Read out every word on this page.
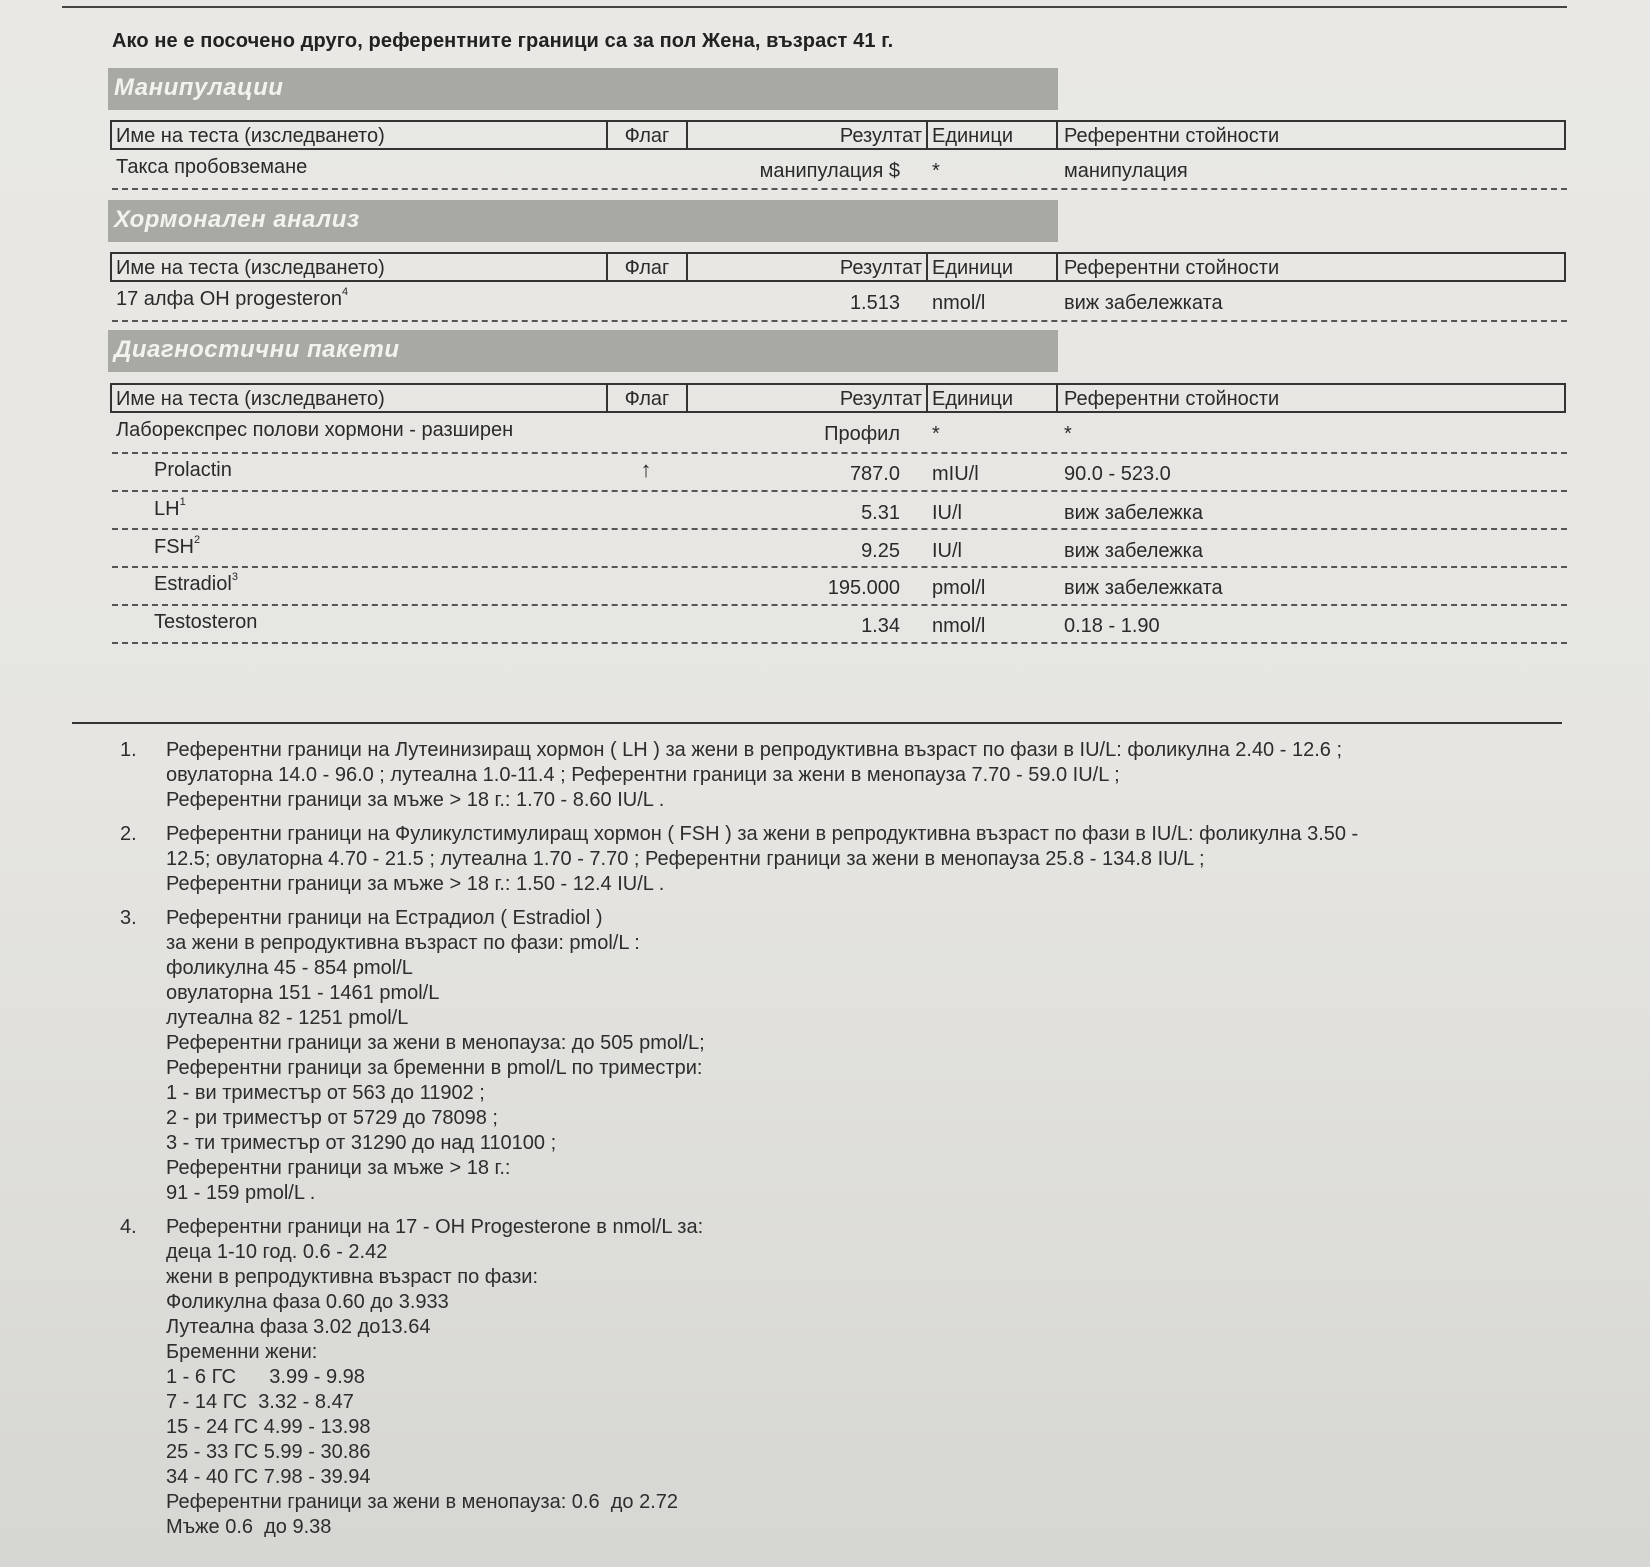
Ако не е посочено друго, референтните граници са за пол Жена, възраст 41 г.
Манипулации
Име на теста (изследването)	Флаг	Резултат Единици	Референтни стойности
Такса пробовземане	манипулация $ *	манипулация
Хормонален анализ
Име на теста (изследването)	Флаг	Резултат Единици	Референтни стойности
17 алфа OH progesteron$^4$	1.513 nmol/l	виж забележката
Диагностични пакети
Име на теста (изследването)	Флаг	Резултат Единици	Референтни стойности
Лаборекспрес полови хормони - разширен	Профил *	*
Prolactin	↑	787.0 mIU/l	90.0 - 523.0
$LH^1$	5.31 IU/l	виж забележка
FSH$^2$	9.25 IU/l	виж забележка
Estradiol$^3$	195.000 pmol/l	виж забележката
Testosteron	1.34 nmol/l	0.18 - 1.90
1. Референтни граници на Лутеинизиращ хормон ( LH ) за жени в репродуктивна възраст по фази в IU/L: фоликулна 2.40 - 12.6 ;
овулаторна 14.0 - 96.0 ; лутеална 1.0-11.4 ; Референтни граници за жени в менопауза 7.70 - 59.0 IU/L ;
Референтни граници за мъже > 18 г.: 1.70 - 8.60 IU/L .
2. Референтни граници на Фуликулстимулиращ хормон ( FSH ) за жени в репродуктивна възраст по фази в IU/L: фоликулна 3.50 -
12.5; овулаторна 4.70 - 21.5 ; лутеална 1.70 - 7.70 ; Референтни граници за жени в менопауза 25.8 - 134.8 IU/L ;
Референтни граници за мъже > 18 г.: 1.50 - 12.4 IU/L .
3. Референтни граници на Естрадиол ( Estradiol )
за жени в репродуктивна възраст по фази: pmol/L :
фоликулна 45 - 854 pmol/L
овулаторна 151 - 1461 pmol/L
лутеална 82 - 1251 pmol/L
Референтни граници за жени в менопауза: до 505 pmol/L;
Референтни граници за бременни в pmol/L по триместри:
1 - ви триместър от 563 до 11902 ;
2 - ри триместър от 5729 до 78098 ;
3 - ти триместър от 31290 до над 110100 ;
Референтни граници за мъже > 18 г.:
91 - 159 pmol/L .
4. Референтни граници на 17 - OH Progesterone в nmol/L за:
деца 1-10 год. 0.6 - 2.42
жени в репродуктивна възраст по фази:
Фоликулна фаза 0.60 до 3.933
Лутеална фаза 3.02 до13.64
Бременни жени:
1 - 6 ГС      3.99 - 9.98
7 - 14 ГС  3.32 - 8.47
15 - 24 ГС 4.99 - 13.98
25 - 33 ГС 5.99 - 30.86
34 - 40 ГС 7.98 - 39.94
Референтни граници за жени в менопауза: 0.6  до 2.72
Мъже 0.6  до 9.38
